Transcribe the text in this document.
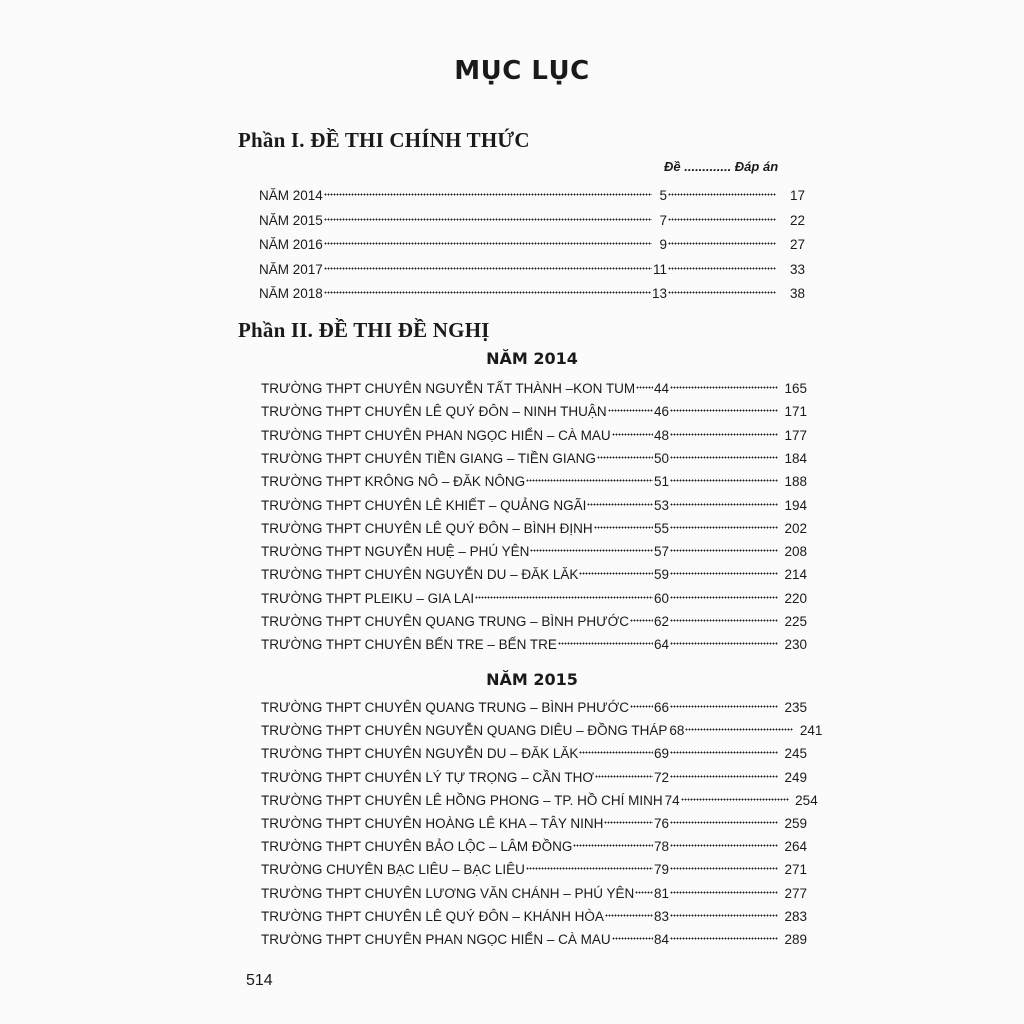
MỤC LỤC
Phần I. ĐỀ THI CHÍNH THỨC
Đề ............. Đáp án
NĂM 2014	5	17
NĂM 2015	7	22
NĂM 2016	9	27
NĂM 2017	11	33
NĂM 2018	13	38
Phần II. ĐỀ THI ĐỀ NGHỊ
NĂM 2014
TRƯỜNG THPT CHUYÊN NGUYỄN TẤT THÀNH –KON TUM 44	165
TRƯỜNG THPT CHUYÊN LÊ QUÝ ĐÔN – NINH THUẬN	46	171
TRƯỜNG THPT CHUYÊN PHAN NGỌC HIỂN – CÀ MAU	48	177
TRƯỜNG THPT CHUYÊN TIỀN GIANG – TIỀN GIANG	50	184
TRƯỜNG THPT KRÔNG NÔ – ĐĂK NÔNG	51	188
TRƯỜNG THPT CHUYÊN LÊ KHIẾT – QUẢNG NGÃI	53	194
TRƯỜNG THPT CHUYÊN LÊ QUÝ ĐÔN – BÌNH ĐỊNH	55	202
TRƯỜNG THPT NGUYỄN HUỆ – PHÚ YÊN	57	208
TRƯỜNG THPT CHUYÊN NGUYỄN DU – ĐĂK LĂK	59	214
TRƯỜNG THPT PLEIKU – GIA LAI	60	220
TRƯỜNG THPT CHUYÊN QUANG TRUNG – BÌNH PHƯỚC 62	225
TRƯỜNG THPT CHUYÊN BẾN TRE – BẾN TRE	64	230
NĂM 2015
TRƯỜNG THPT CHUYÊN QUANG TRUNG – BÌNH PHƯỚC 66	235
TRƯỜNG THPT CHUYÊN NGUYỄN QUANG DIÊU – ĐỒNG THÁP 68	241
TRƯỜNG THPT CHUYÊN NGUYỄN DU – ĐĂK LĂK	69	245
TRƯỜNG THPT CHUYÊN LÝ TỰ TRỌNG – CẦN THƠ	72	249
TRƯỜNG THPT CHUYÊN LÊ HỒNG PHONG – TP. HỒ CHÍ MINH 74	254
TRƯỜNG THPT CHUYÊN HOÀNG LÊ KHA – TÂY NINH	76	259
TRƯỜNG THPT CHUYÊN BẢO LỘC – LÂM ĐỒNG	78	264
TRƯỜNG CHUYÊN BẠC LIÊU – BẠC LIÊU	79	271
TRƯỜNG THPT CHUYÊN LƯƠNG VĂN CHÁNH – PHÚ YÊN 81	277
TRƯỜNG THPT CHUYÊN LÊ QUÝ ĐÔN – KHÁNH HÒA	83	283
TRƯỜNG THPT CHUYÊN PHAN NGỌC HIỂN – CÀ MAU	84	289
514
